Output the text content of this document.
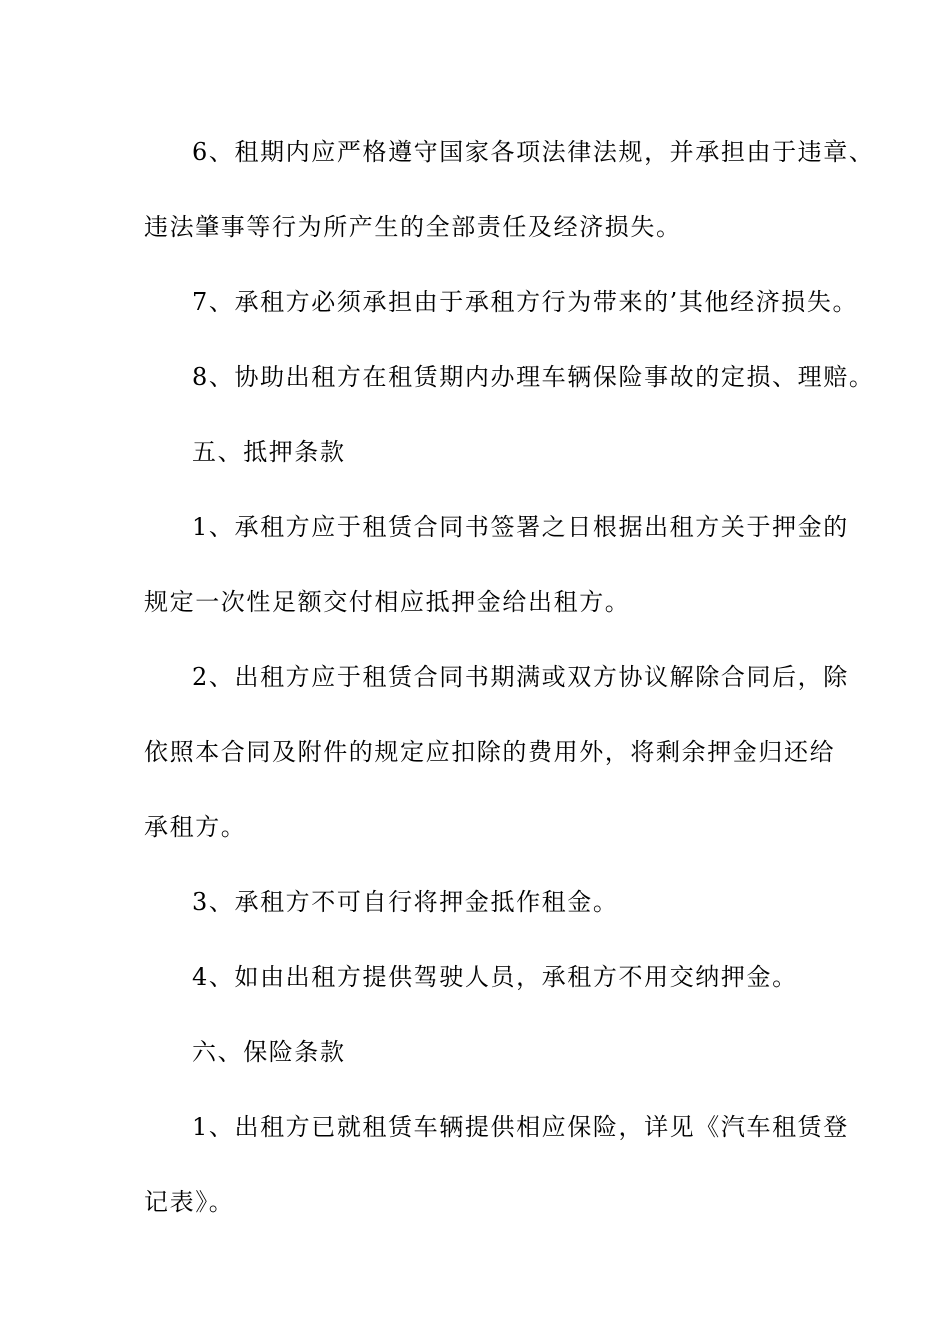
6、租期内应严格遵守国家各项法律法规，并承担由于违章、
违法肇事等行为所产生的全部责任及经济损失。
7、承租方必须承担由于承租方行为带来的’其他经济损失。
8、协助出租方在租赁期内办理车辆保险事故的定损、理赔。
五、抵押条款
1、承租方应于租赁合同书签署之日根据出租方关于押金的
规定一次性足额交付相应抵押金给出租方。
2、出租方应于租赁合同书期满或双方协议解除合同后，除
依照本合同及附件的规定应扣除的费用外，将剩余押金归还给
承租方。
3、承租方不可自行将押金抵作租金。
4、如由出租方提供驾驶人员，承租方不用交纳押金。
六、保险条款
1、出租方已就租赁车辆提供相应保险，详见《汽车租赁登
记表》。
